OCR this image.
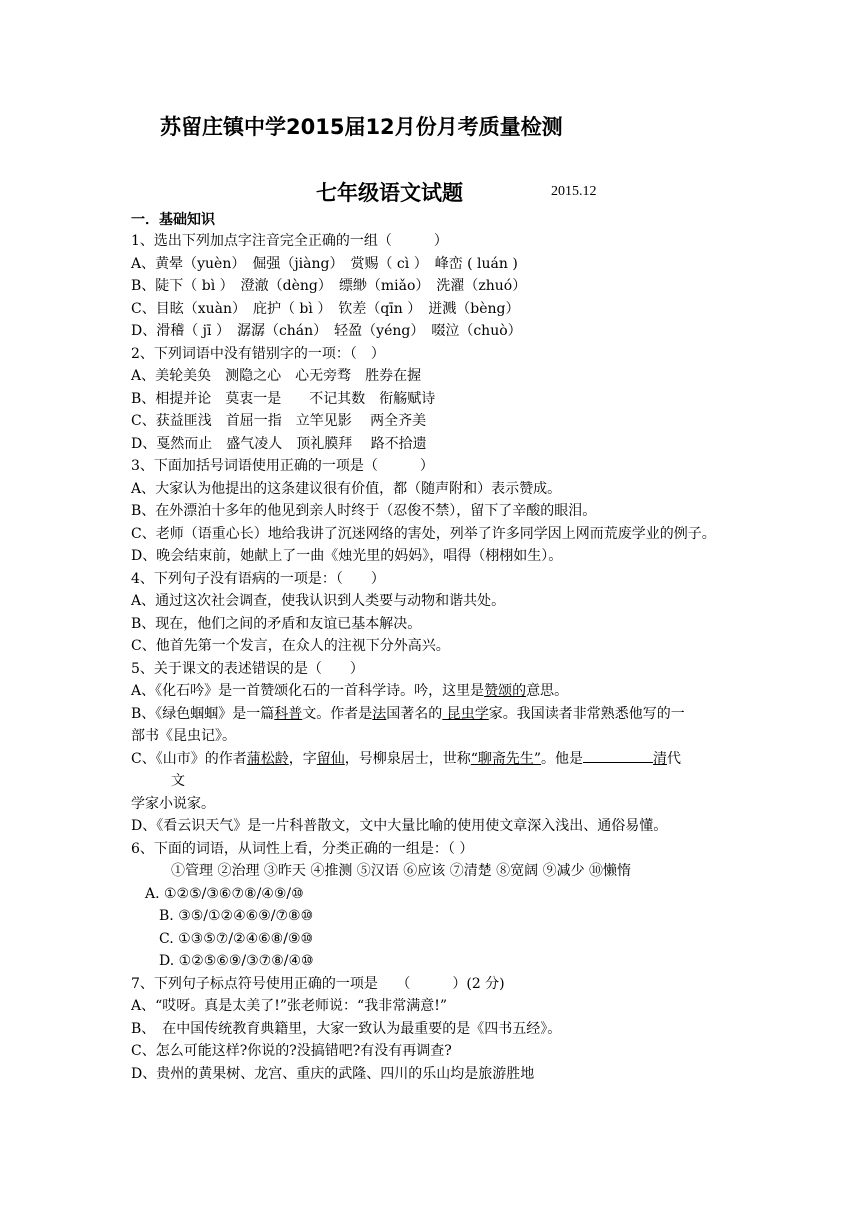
苏留庄镇中学2015届12月份月考质量检测
七年级语文试题	2015.12
一．基础知识
1、选出下列加点字注音完全正确的一组（　　　）
A、黄晕（yuèn）　倔强（jiàng）　赏赐（ cì ）　峰峦 ( luán )
B、陡下（ bì ）　澄澈（dèng）　缥缈（miǎo）　洗濯（zhuó）
C、目眩（xuàn）　庇护（ bì ）　钦差（qīn ）　迸溅（bèng）
D、滑稽（ jī ）　潺潺（chán）　轻盈（yéng）　啜泣（chuò）
2、下列词语中没有错别字的一项：（　）
A、美轮美奂　测隐之心　心无旁骛　胜券在握
B、相提并论　莫衷一是　　不记其数　衔觞赋诗
C、获益匪浅　首屈一指　立竿见影　 两全齐美
D、戛然而止　盛气凌人　顶礼膜拜　 路不拾遗
3、下面加括号词语使用正确的一项是（　　　）
A、大家认为他提出的这条建议很有价值，都（随声附和）表示赞成。
B、在外漂泊十多年的他见到亲人时终于（忍俊不禁），留下了辛酸的眼泪。
C、老师（语重心长）地给我讲了沉迷网络的害处，列举了许多同学因上网而荒废学业的例子。
D、晚会结束前，她献上了一曲《烛光里的妈妈》，唱得（栩栩如生）。
4、下列句子没有语病的一项是：（　　）
A、通过这次社会调查，使我认识到人类要与动物和谐共处。
B、现在，他们之间的矛盾和友谊已基本解决。
C、他首先第一个发言，在众人的注视下分外高兴。
5、关于课文的表述错误的是（　　）
A、《化石吟》是一首赞颂化石的一首科学诗。吟，这里是赞颂的意思。
B、《绿色蝈蝈》是一篇科普文。作者是法国著名的 昆虫学家。我国读者非常熟悉他写的一
部书《昆虫记》。
C、《山市》的作者蒲松龄，字留仙，号柳泉居士，世称“聊斋先生”。他是	清代
文
学家小说家。
D、《看云识天气》是一片科普散文，文中大量比喻的使用使文章深入浅出、通俗易懂。
6、下面的词语，从词性上看，分类正确的一组是：（ ）
①管理 ②治理 ③昨天 ④推测 ⑤汉语 ⑥应该 ⑦清楚 ⑧宽阔 ⑨减少 ⑩懒惰
A. ①②⑤/③⑥⑦⑧/④⑨/⑩
B. ③⑤/①②④⑥⑨/⑦⑧⑩
C. ①③⑤⑦/②④⑥⑧/⑨⑩
D. ①②⑤⑥⑨/③⑦⑧/④⑩
7、下列句子标点符号使用正确的一项是　 （　　　）(2 分)
A、“哎呀。真是太美了!”张老师说：“我非常满意!”
B、　在中国传统教育典籍里，大家一致认为最重要的是《四书五经》。
C、怎么可能这样?你说的?没搞错吧?有没有再调查?
D、贵州的黄果树、龙宫、重庆的武隆、四川的乐山均是旅游胜地
